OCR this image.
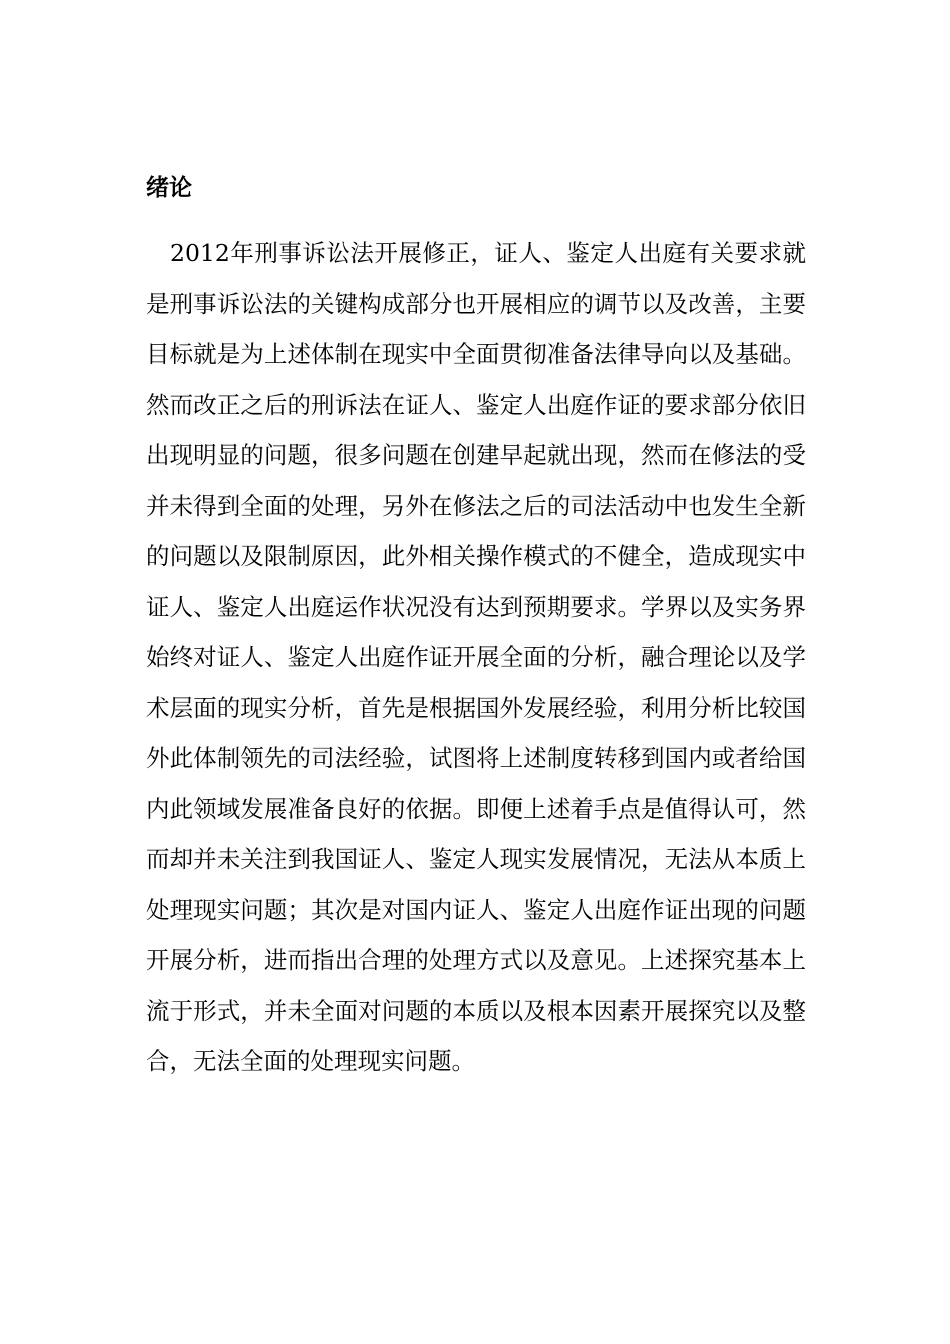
绪论

2012年刑事诉讼法开展修正，证人、鉴定人出庭有关要求就是刑事诉讼法的关键构成部分也开展相应的调节以及改善，主要目标就是为上述体制在现实中全面贯彻准备法律导向以及基础。然而改正之后的刑诉法在证人、鉴定人出庭作证的要求部分依旧出现明显的问题，很多问题在创建早起就出现，然而在修法的受并未得到全面的处理，另外在修法之后的司法活动中也发生全新的问题以及限制原因，此外相关操作模式的不健全，造成现实中证人、鉴定人出庭运作状况没有达到预期要求。学界以及实务界始终对证人、鉴定人出庭作证开展全面的分析，融合理论以及学术层面的现实分析，首先是根据国外发展经验，利用分析比较国外此体制领先的司法经验，试图将上述制度转移到国内或者给国内此领域发展准备良好的依据。即便上述着手点是值得认可，然而却并未关注到我国证人、鉴定人现实发展情况，无法从本质上处理现实问题；其次是对国内证人、鉴定人出庭作证出现的问题开展分析，进而指出合理的处理方式以及意见。上述探究基本上流于形式，并未全面对问题的本质以及根本因素开展探究以及整合，无法全面的处理现实问题。
